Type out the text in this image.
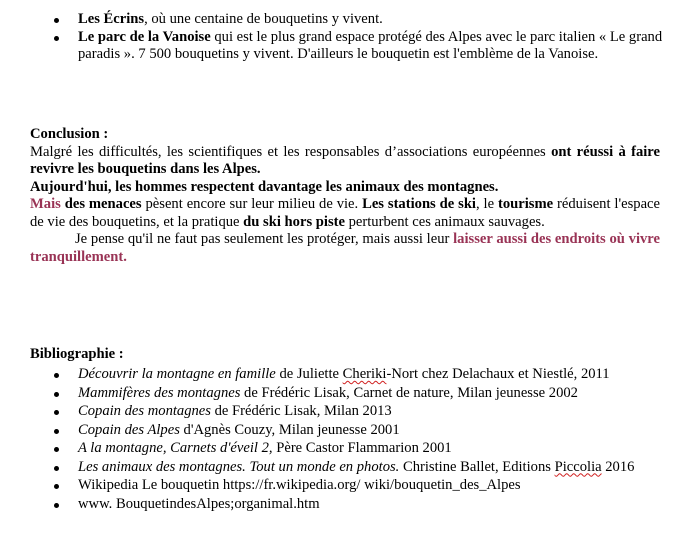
Les Écrins, où une centaine de bouquetins y vivent.
Le parc de la Vanoise qui est le plus grand espace protégé des Alpes avec le parc italien « Le grand paradis ». 7 500 bouquetins y vivent. D'ailleurs le bouquetin est l'emblème de la Vanoise.
Conclusion :
Malgré les difficultés, les scientifiques et les responsables d’associations européennes ont réussi à faire revivre les bouquetins dans les Alpes.
Aujourd'hui, les hommes respectent davantage les animaux des montagnes.
Mais des menaces pèsent encore sur leur milieu de vie. Les stations de ski, le tourisme réduisent l'espace de vie des bouquetins, et la pratique du ski hors piste perturbent ces animaux sauvages.
Je pense qu'il ne faut pas seulement les protéger, mais aussi leur laisser aussi des endroits où vivre tranquillement.
Bibliographie :
Découvrir la montagne en famille de Juliette Cheriki-Nort chez Delachaux et Niestlé, 2011
Mammifères des montagnes de Frédéric Lisak, Carnet de nature, Milan jeunesse 2002
Copain des montagnes de Frédéric Lisak, Milan 2013
Copain des Alpes d'Agnès Couzy, Milan jeunesse 2001
A la montagne, Carnets d'éveil 2, Père Castor Flammarion 2001
Les animaux des montagnes. Tout un monde en photos. Christine Ballet, Editions Piccolia 2016
Wikipedia Le bouquetin https://fr.wikipedia.org/ wiki/bouquetin_des_Alpes
www. BouquetindesAlpes;organimal.htm
